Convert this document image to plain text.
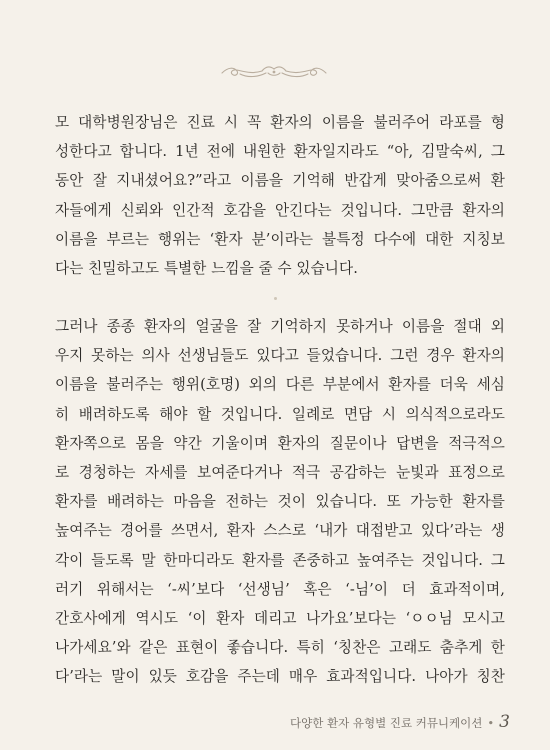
모 대학병원장님은 진료 시 꼭 환자의 이름을 불러주어 라포를 형
성한다고 합니다. 1년 전에 내원한 환자일지라도 “아, 김말숙씨, 그
동안 잘 지내셨어요?”라고 이름을 기억해 반갑게 맞아줌으로써 환
자들에게 신뢰와 인간적 호감을 안긴다는 것입니다. 그만큼 환자의
이름을 부르는 행위는 ‘환자 분’이라는 불특정 다수에 대한 지칭보
다는 친밀하고도 특별한 느낌을 줄 수 있습니다.
그러나 종종 환자의 얼굴을 잘 기억하지 못하거나 이름을 절대 외
우지 못하는 의사 선생님들도 있다고 들었습니다. 그런 경우 환자의
이름을 불러주는 행위(호명) 외의 다른 부분에서 환자를 더욱 세심
히 배려하도록 해야 할 것입니다. 일례로 면담 시 의식적으로라도
환자쪽으로 몸을 약간 기울이며 환자의 질문이나 답변을 적극적으
로 경청하는 자세를 보여준다거나 적극 공감하는 눈빛과 표정으로
환자를 배려하는 마음을 전하는 것이 있습니다. 또 가능한 환자를
높여주는 경어를 쓰면서, 환자 스스로 ‘내가 대접받고 있다’라는 생
각이 들도록 말 한마디라도 환자를 존중하고 높여주는 것입니다. 그
러기 위해서는 ‘-씨’보다 ‘선생님’ 혹은 ‘-님’이 더 효과적이며,
간호사에게 역시도 ‘이 환자 데리고 나가요’보다는 ‘ㅇㅇ님 모시고
나가세요’와 같은 표현이 좋습니다. 특히 ‘칭찬은 고래도 춤추게 한
다’라는 말이 있듯 호감을 주는데 매우 효과적입니다. 나아가 칭찬
다양한 환자 유형별 진료 커뮤니케이션 • 3
